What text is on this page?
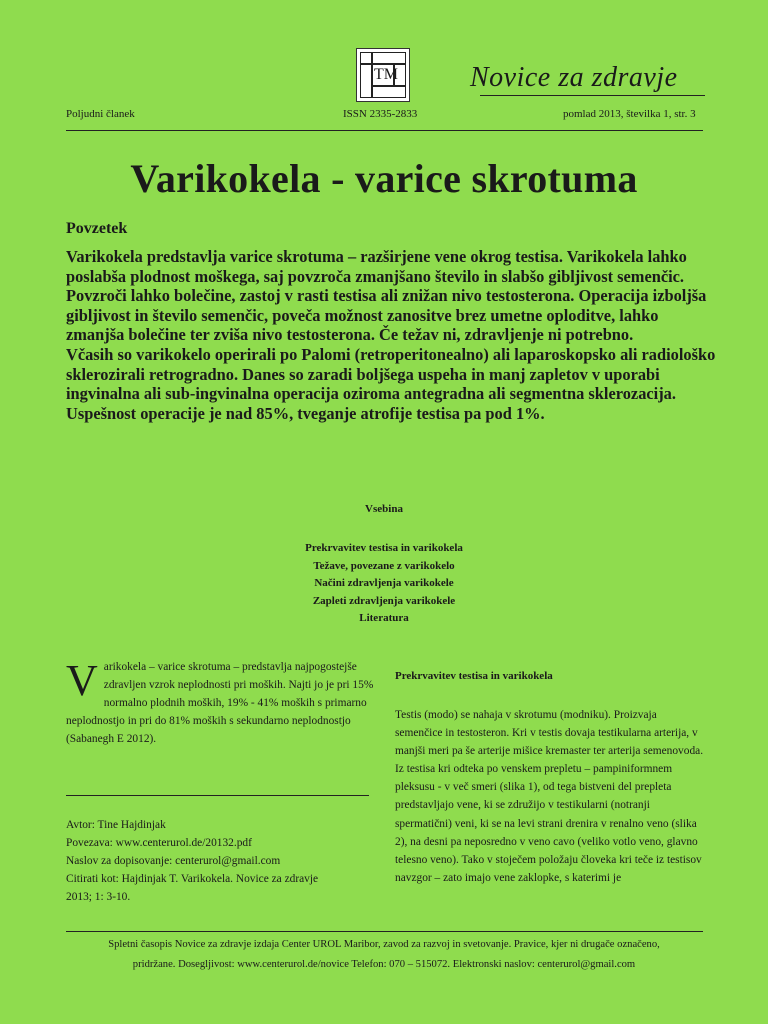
TM	Novice za zdravje
Poljudni članek	ISSN 2335-2833	pomlad 2013, številka 1, str. 3
Varikokela - varice skrotuma
Povzetek

Varikokela predstavlja varice skrotuma – razširjene vene okrog testisa. Varikokela lahko poslabša plodnost moškega, saj povzroča zmanjšano število in slabšo gibljivost semenčic. Povzroči lahko bolečine, zastoj v rasti testisa ali znižan nivo testosterona. Operacija izboljša gibljivost in število semenčic, poveča možnost zanositve brez umetne oploditve, lahko zmanjša bolečine ter zviša nivo testosterona. Če težav ni, zdravljenje ni potrebno.

Včasih so varikokelo operirali po Palomi (retroperitonealno) ali laparoskopsko ali radiološko sklerozirali retrogradno. Danes so zaradi boljšega uspeha in manj zapletov v uporabi ingvinalna ali sub-ingvinalna operacija oziroma antegradna ali segmentna sklerozacija.

Uspešnost operacije je nad 85%, tveganje atrofije testisa pa pod 1%.

Vsebina
Prekrvavitev testisa in varikokela
Težave, povezane z varikokelo
Načini zdravljenja varikokele
Zapleti zdravljenja varikokele
Literatura
V arikokela – varice skrotuma – predstavlja najpogostejše zdravljen vzrok neplodnosti pri moških. Najti jo je pri 15% normalno plodnih moških, 19% - 41% moških s primarno neplodnostjo in pri do 81% moških s sekundarno neplodnostjo (Sabanegh E 2012).
Avtor: Tine Hajdinjak
Povezava: www.centerurol.de/20132.pdf
Naslov za dopisovanje: centerurol@gmail.com
Citirati kot: Hajdinjak T. Varikokela. Novice za zdravje
2013; 1: 3-10.
Prekrvavitev testisa in varikokela
Testis (modo) se nahaja v skrotumu (modniku). Proizvaja semenčice in testosteron. Kri v testis dovaja testikularna arterija, v manjši meri pa še arterije mišice kremaster ter arterija semenovoda. Iz testisa kri odteka po venskem prepletu – pampiniformnem pleksusu - v več smeri (slika 1), od tega bistveni del prepleta predstavljajo vene, ki se združijo v testikularni (notranji spermatični) veni, ki se na levi strani drenira v renalno veno (slika 2), na desni pa neposredno v veno cavo (veliko votlo veno, glavno telesno veno). Tako v stoječem položaju človeka kri teče iz testisov navzgor – zato imajo vene zaklopke, s katerimi je
Spletni časopis Novice za zdravje izdaja Center UROL Maribor, zavod za razvoj in svetovanje. Pravice, kjer ni drugače označeno,
pridržane. Dosegljivost: www.centerurol.de/novice Telefon: 070 – 515072. Elektronski naslov: centerurol@gmail.com
